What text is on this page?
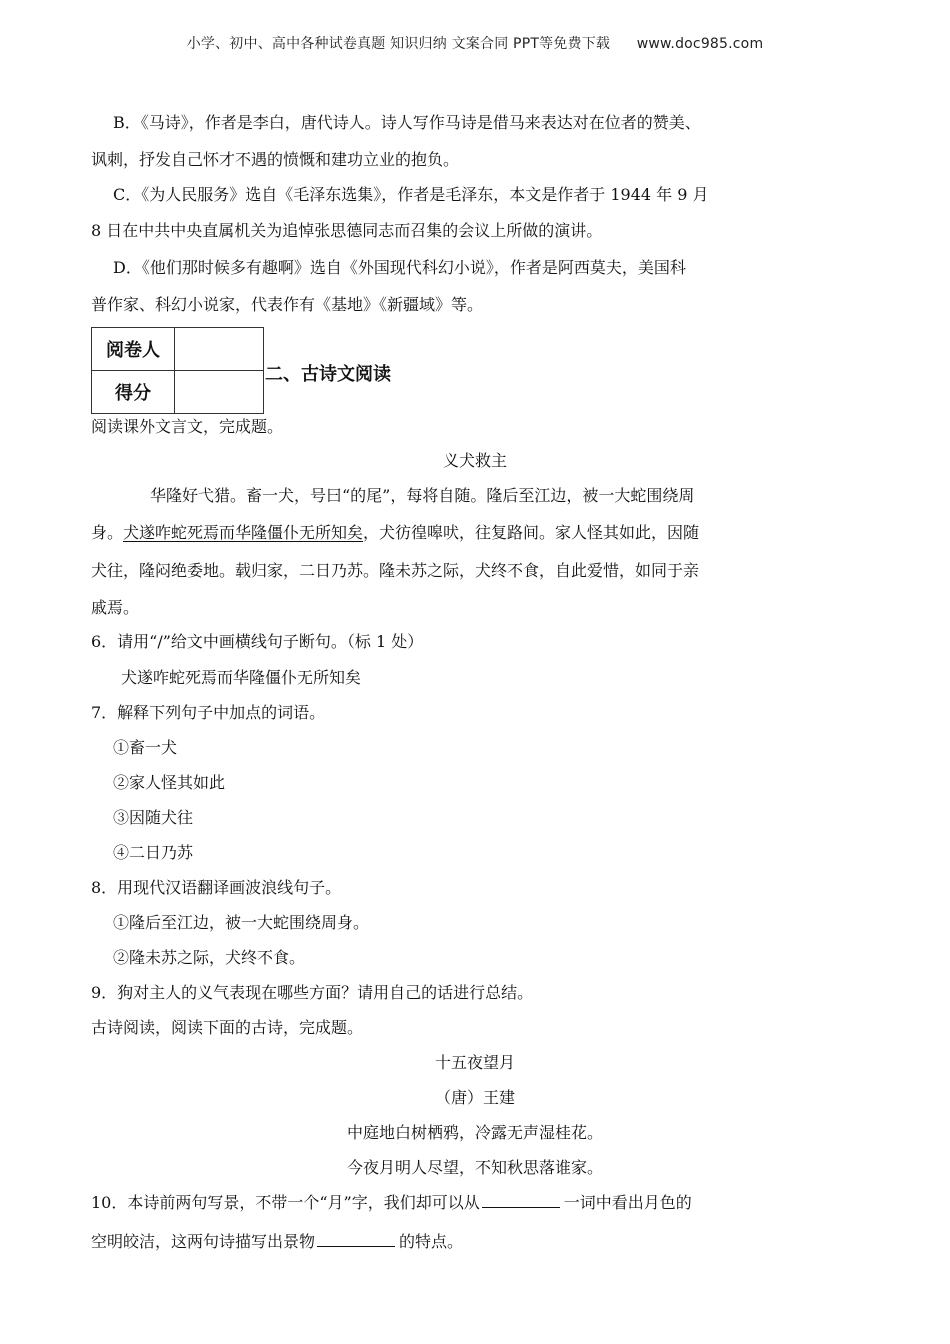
小学、初中、高中各种试卷真题 知识归纳 文案合同 PPT等免费下载 www.doc985.com
B．《马诗》，作者是李白，唐代诗人。诗人写作马诗是借马来表达对在位者的赞美、
讽刺，抒发自己怀才不遇的愤慨和建功立业的抱负。
C．《为人民服务》选自《毛泽东选集》，作者是毛泽东，本文是作者于 1944 年 9 月
8 日在中共中央直属机关为追悼张思德同志而召集的会议上所做的演讲。
D．《他们那时候多有趣啊》选自《外国现代科幻小说》，作者是阿西莫夫，美国科
普作家、科幻小说家，代表作有《基地》《新疆域》等。
阅卷人	
得分	
二、古诗文阅读
阅读课外文言文，完成题。
义犬救主
华隆好弋猎。畜一犬，号曰“的尾”，每将自随。隆后至江边，被一大蛇围绕周
身。犬遂咋蛇死焉而华隆僵仆无所知矣，犬彷徨嗥吠，往复路间。家人怪其如此，因随
犬往，隆闷绝委地。载归家，二日乃苏。隆未苏之际，犬终不食，自此爱惜，如同于亲
戚焉。
6．请用“/”给文中画横线句子断句。（标 1 处）
犬遂咋蛇死焉而华隆僵仆无所知矣
7．解释下列句子中加点的词语。
①畜一犬
②家人怪其如此
③因随犬往
④二日乃苏
8．用现代汉语翻译画波浪线句子。
①隆后至江边，被一大蛇围绕周身。
②隆未苏之际，犬终不食。
9．狗对主人的义气表现在哪些方面？请用自己的话进行总结。
古诗阅读，阅读下面的古诗，完成题。
十五夜望月
（唐）王建
中庭地白树栖鸦，冷露无声湿桂花。
今夜月明人尽望，不知秋思落谁家。
10．本诗前两句写景，不带一个“月”字，我们却可以从	一词中看出月色的
空明皎洁，这两句诗描写出景物	的特点。
